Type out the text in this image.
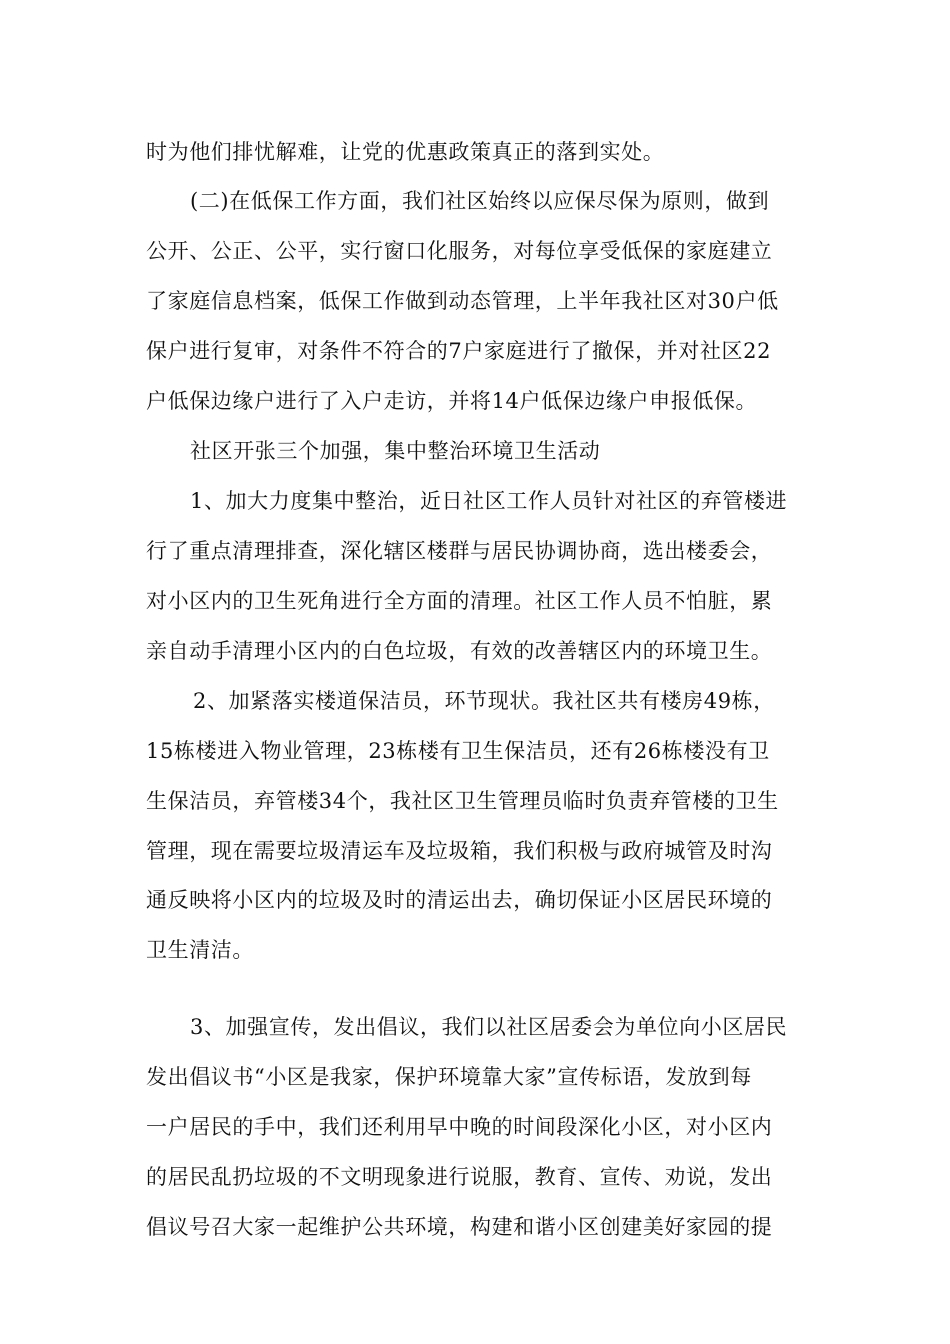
时为他们排忧解难，让党的优惠政策真正的落到实处。

(二)在低保工作方面，我们社区始终以应保尽保为原则，做到

公开、公正、公平，实行窗口化服务，对每位享受低保的家庭建立

了家庭信息档案，低保工作做到动态管理，上半年我社区对30户低

保户进行复审，对条件不符合的7户家庭进行了撤保，并对社区22

户低保边缘户进行了入户走访，并将14户低保边缘户申报低保。

社区开张三个加强，集中整治环境卫生活动

1、加大力度集中整治，近日社区工作人员针对社区的弃管楼进

行了重点清理排查，深化辖区楼群与居民协调协商，选出楼委会，

对小区内的卫生死角进行全方面的清理。社区工作人员不怕脏，累

亲自动手清理小区内的白色垃圾，有效的改善辖区内的环境卫生。

2、加紧落实楼道保洁员，环节现状。我社区共有楼房49栋，

15栋楼进入物业管理，23栋楼有卫生保洁员，还有26栋楼没有卫

生保洁员，弃管楼34个，我社区卫生管理员临时负责弃管楼的卫生

管理，现在需要垃圾清运车及垃圾箱，我们积极与政府城管及时沟

通反映将小区内的垃圾及时的清运出去，确切保证小区居民环境的

卫生清洁。

3、加强宣传，发出倡议，我们以社区居委会为单位向小区居民

发出倡议书“小区是我家，保护环境靠大家”宣传标语，发放到每

一户居民的手中，我们还利用早中晚的时间段深化小区，对小区内

的居民乱扔垃圾的不文明现象进行说服，教育、宣传、劝说，发出

倡议号召大家一起维护公共环境，构建和谐小区创建美好家园的提
